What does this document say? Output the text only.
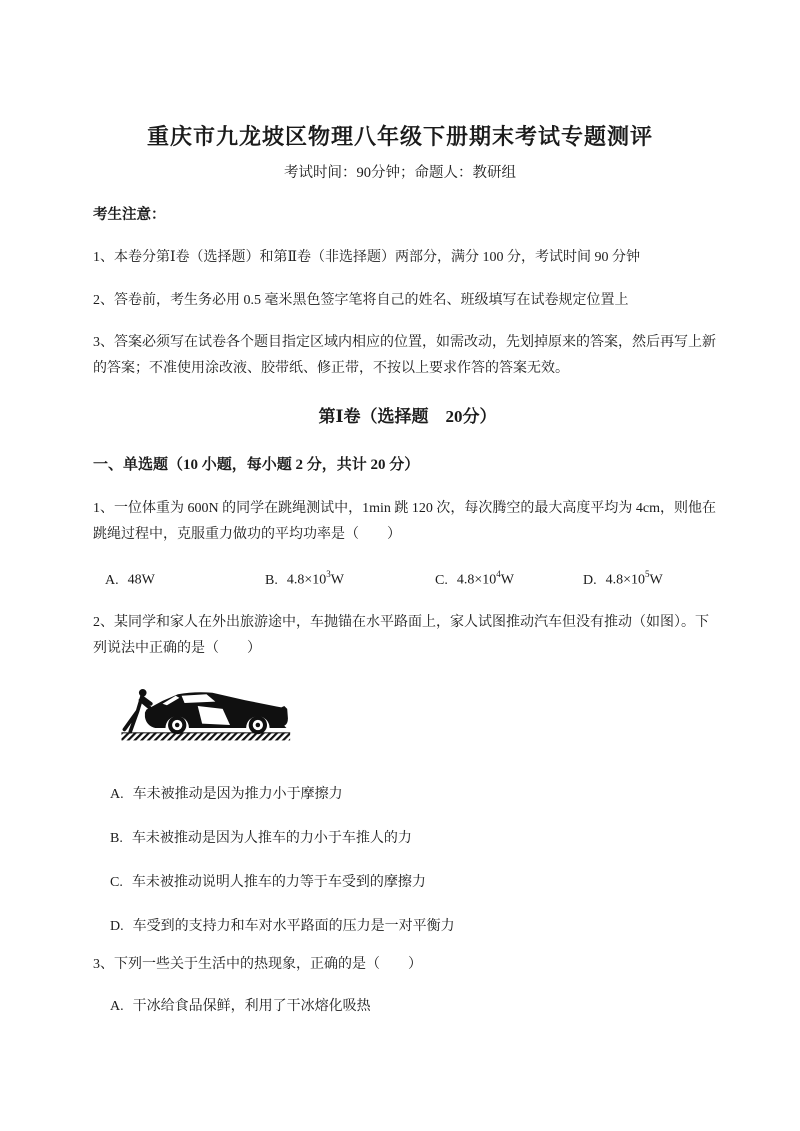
重庆市九龙坡区物理八年级下册期末考试专题测评
考试时间：90分钟；命题人：教研组
考生注意：

1、本卷分第Ⅰ卷（选择题）和第Ⅱ卷（非选择题）两部分，满分 100 分，考试时间 90 分钟

2、答卷前，考生务必用 0.5 毫米黑色签字笔将自己的姓名、班级填写在试卷规定位置上

3、答案必须写在试卷各个题目指定区域内相应的位置，如需改动，先划掉原来的答案，然后再写上新
的答案；不准使用涂改液、胶带纸、修正带，不按以上要求作答的答案无效。

第Ⅰ卷（选择题　20分）
一、单选题（10 小题，每小题 2 分，共计 20 分）
1、一位体重为 600N 的同学在跳绳测试中，1min 跳 120 次，每次腾空的最大高度平均为 4cm，则他在
跳绳过程中，克服重力做功的平均功率是（　　）
A. 48W	B. $4.8\times 10^3W$	C. $4.8\times 10^4W$	D. $4.8\times 10^5W$
2、某同学和家人在外出旅游途中，车抛锚在水平路面上，家人试图推动汽车但没有推动（如图）。下
列说法中正确的是（　　）
A. 车未被推动是因为推力小于摩擦力
B. 车未被推动是因为人推车的力小于车推人的力
C. 车未被推动说明人推车的力等于车受到的摩擦力
D. 车受到的支持力和车对水平路面的压力是一对平衡力
3、下列一些关于生活中的热现象，正确的是（　　）
A. 干冰给食品保鲜，利用了干冰熔化吸热
